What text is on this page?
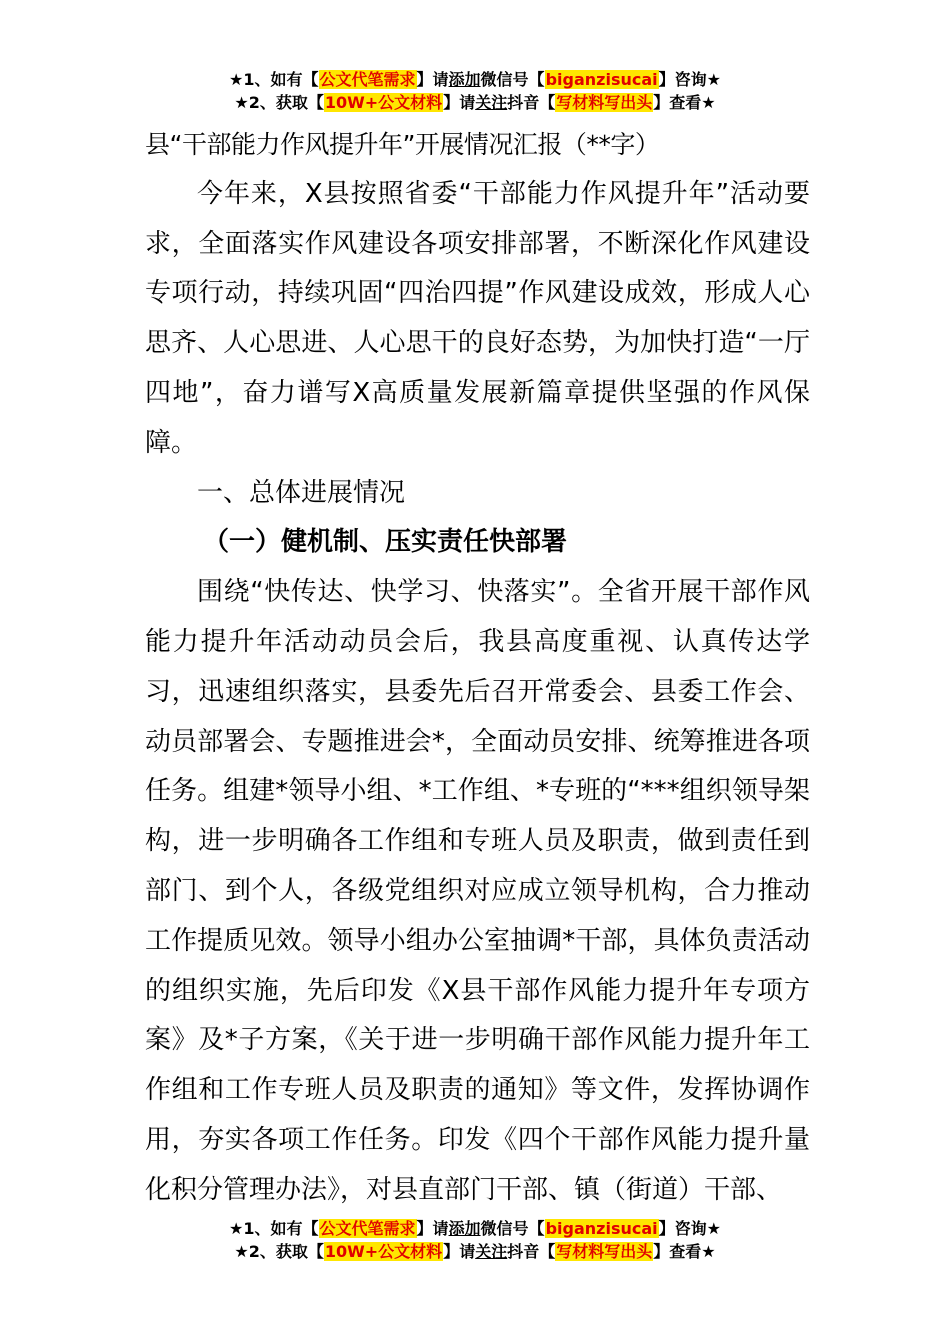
★1、如有【公文代笔需求】请添加微信号【biganzisucai】咨询★
★2、获取【10W+公文材料】请关注抖音【写材料写出头】查看★

县“干部能力作风提升年”开展情况汇报（**字）

今年来，X县按照省委“干部能力作风提升年”活动要求，全面落实作风建设各项安排部署，不断深化作风建设专项行动，持续巩固“四治四提”作风建设成效，形成人心思齐、人心思进、人心思干的良好态势，为加快打造“一厅四地”，奋力谱写X高质量发展新篇章提供坚强的作风保障。

一、总体进展情况

（一）健机制、压实责任快部署

围绕“快传达、快学习、快落实”。全省开展干部作风能力提升年活动动员会后，我县高度重视、认真传达学习，迅速组织落实，县委先后召开常委会、县委工作会、动员部署会、专题推进会*，全面动员安排、统筹推进各项任务。组建*领导小组、*工作组、*专班的“***组织领导架构，进一步明确各工作组和专班人员及职责，做到责任到部门、到个人，各级党组织对应成立领导机构，合力推动工作提质见效。领导小组办公室抽调*干部，具体负责活动的组织实施，先后印发《X县干部作风能力提升年专项方案》及*子方案，《关于进一步明确干部作风能力提升年工作组和工作专班人员及职责的通知》等文件，发挥协调作用，夯实各项工作任务。印发《四个干部作风能力提升量化积分管理办法》，对县直部门干部、镇（街道）干部、

★1、如有【公文代笔需求】请添加微信号【biganzisucai】咨询★
★2、获取【10W+公文材料】请关注抖音【写材料写出头】查看★
